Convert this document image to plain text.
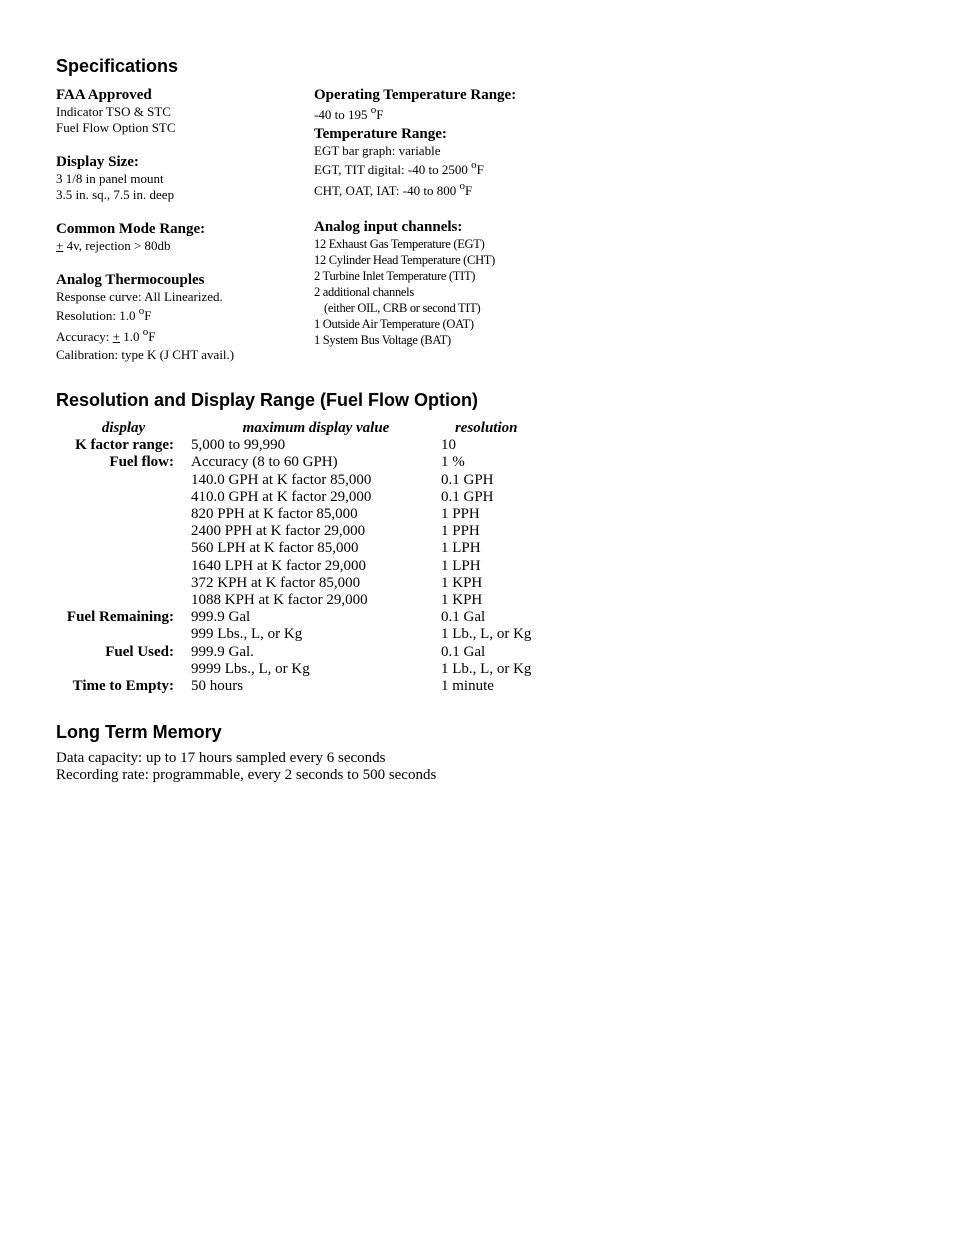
Specifications
Resolution and Display Range (Fuel Flow Option)
Long Term Memory
FAA Approved
Indicator TSO & STC
Fuel Flow Option STC
Display Size:
3 1/8 in panel mount
3.5 in. sq., 7.5 in. deep
Common Mode Range:
+ 4v, rejection > 80db
Analog Thermocouples
Response curve: All Linearized.
Resolution: 1.0 $^o$F
Accuracy: + 1.0 $^o$F
Calibration: type K (J CHT avail.)
Operating Temperature Range:
-40 to 195 $^o$F
Temperature Range:
EGT bar graph: variable
EGT, TIT digital: -40 to 2500 $^o$F
CHT, OAT, IAT: -40 to 800 $^o$F
Analog input channels:
12 Exhaust Gas Temperature (EGT)
12 Cylinder Head Temperature (CHT)
2 Turbine Inlet Temperature (TIT)
2 additional channels
(either OIL, CRB or second TIT)
1 Outside Air Temperature (OAT)
1 System Bus Voltage (BAT)
display	maximum display value	resolution
K factor range:	5,000 to 99,990	10
Fuel flow:	Accuracy (8 to 60 GPH)	1 %
	140.0 GPH at K factor 85,000	0.1 GPH
	410.0 GPH at K factor 29,000	0.1 GPH
	820 PPH at K factor 85,000	1 PPH
	2400 PPH at K factor 29,000	1 PPH
	560 LPH at K factor 85,000	1 LPH
	1640 LPH at K factor 29,000	1 LPH
	372 KPH at K factor 85,000	1 KPH
	1088 KPH at K factor 29,000	1 KPH
Fuel Remaining:	999.9 Gal	0.1 Gal
	999 Lbs., L, or Kg	1 Lb., L, or Kg
Fuel Used:	999.9 Gal.	0.1 Gal
	9999 Lbs., L, or Kg	1 Lb., L, or Kg
Time to Empty:	50 hours	1 minute
Data capacity: up to 17 hours sampled every 6 seconds
Recording rate: programmable, every 2 seconds to 500 seconds
